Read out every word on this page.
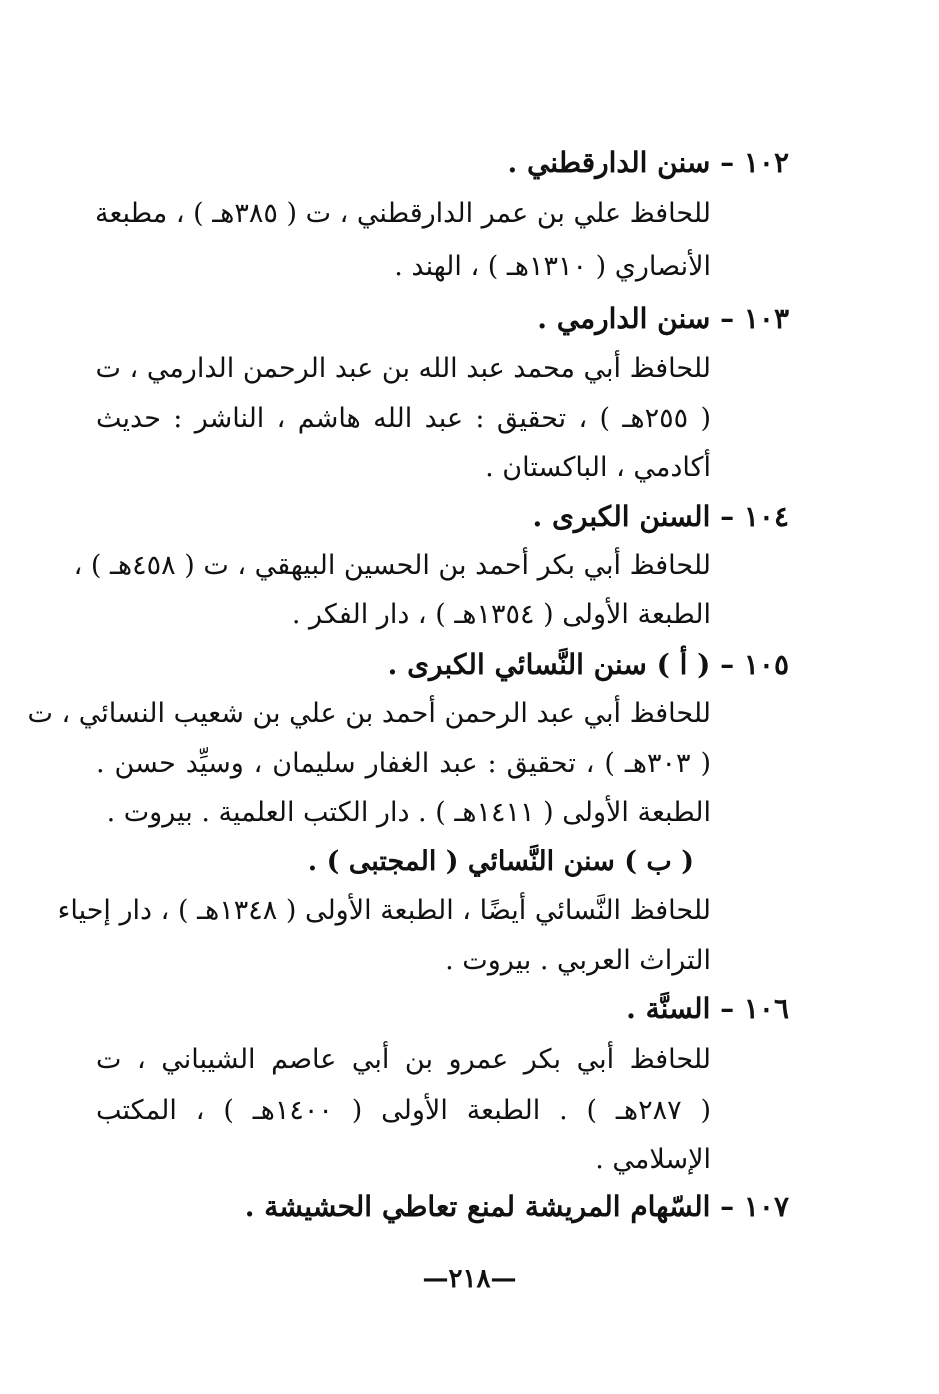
١٠٢ – سنن الدارقطني .
للحافظ علي بن عمر الدارقطني ، ت ( ٣٨٥هـ ) ، مطبعة
الأنصاري ( ١٣١٠هـ ) ، الهند .
١٠٣ – سنن الدارمي .
للحافظ أبي محمد عبد الله بن عبد الرحمن الدارمي ، ت
( ٢٥٥هـ ) ، تحقيق : عبد الله هاشم ، الناشر : حديث
أكادمي ، الباكستان .
١٠٤ – السنن الكبرى .
للحافظ أبي بكر أحمد بن الحسين البيهقي ، ت ( ٤٥٨هـ ) ،
الطبعة الأولى ( ١٣٥٤هـ ) ، دار الفكر .
١٠٥ – ( أ ) سنن النَّسائي الكبرى .
للحافظ أبي عبد الرحمن أحمد بن علي بن شعيب النسائي ، ت
( ٣٠٣هـ ) ، تحقيق : عبد الغفار سليمان ، وسيِّد حسن .
الطبعة الأولى ( ١٤١١هـ ) . دار الكتب العلمية . بيروت .
( ب ) سنن النَّسائي ( المجتبى ) .
للحافظ النَّسائي أيضًا ، الطبعة الأولى ( ١٣٤٨هـ ) ، دار إحياء
التراث العربي . بيروت .
١٠٦ – السنَّة .
للحافظ أبي بكر عمرو بن أبي عاصم الشيباني ، ت
( ٢٨٧هـ ) . الطبعة الأولى ( ١٤٠٠هـ ) ، المكتب
الإسلامي .
١٠٧ – السّهام المريشة لمنع تعاطي الحشيشة .
—٢١٨—
